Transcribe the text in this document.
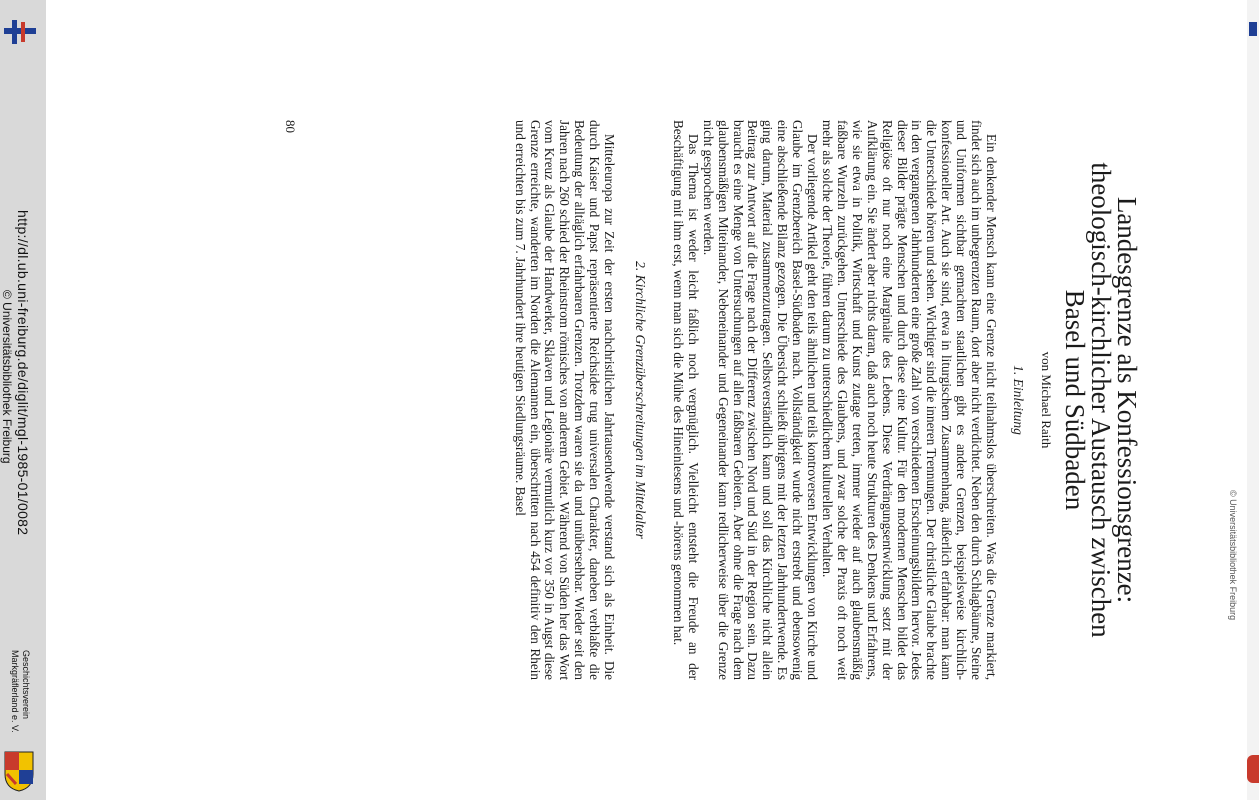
http://dl.ub.uni-freiburg.de/diglit/mgl-1985-01/0082
© Universitätsbibliothek Freiburg
Geschichtsverein
Markgräflerland e. V.
© Universitätsbibliothek Freiburg
Landesgrenze als Konfessionsgrenze:
theologisch-kirchlicher Austausch zwischen
Basel und Südbaden
von Michael Raith
1. Einleitung

Ein denkender Mensch kann eine Grenze nicht teilnahmslos überschreiten. Was die Grenze markiert, findet sich auch im unbegrenzten Raum, dort aber nicht verdichtet. Neben den durch Schlagbäume, Steine und Uniformen sichtbar gemachten staatlichen gibt es andere Grenzen, beispielsweise kirchlich-konfessioneller Art. Auch sie sind, etwa in liturgischem Zusammenhang, äußerlich erfahrbar: man kann die Unterschiede hören und sehen. Wichtiger sind die inneren Trennungen. Der christliche Glaube brachte in den vergangenen Jahrhunderten eine große Zahl von verschiedenen Erscheinungsbildern hervor. Jedes dieser Bilder prägte Menschen und durch diese eine Kultur. Für den modernen Menschen bildet das Religiöse oft nur noch eine Marginalie des Lebens. Diese Verdrängungsentwicklung setzt mit der Aufklärung ein. Sie ändert aber nichts daran, daß auch noch heute Strukturen des Denkens und Erfahrens, wie sie etwa in Politik, Wirtschaft und Kunst zutage treten, immer wieder auf auch glaubensmäßig faßbare Wurzeln zurückgehen. Unterschiede des Glaubens, und zwar solche der Praxis oft noch weit mehr als solche der Theorie, führen darum zu unterschiedlichem kulturellen Verhalten.

Der vorliegende Artikel geht den teils ähnlichen und teils kontroversen Entwicklungen von Kirche und Glaube im Grenzbereich Basel-Südbaden nach. Vollständigkeit wurde nicht erstrebt und ebensowenig eine abschließende Bilanz gezogen. Die Übersicht schließt übrigens mit der letzten Jahrhundertwende. Es ging darum, Material zusammenzutragen. Selbstverständlich kann und soll das Kirchliche nicht allein Beitrag zur Antwort auf die Frage nach der Differenz zwischen Nord und Süd in der Region sein. Dazu braucht es eine Menge von Untersuchungen auf allen faßbaren Gebieten. Aber ohne die Frage nach dem glaubensmäßigen Miteinander, Nebeneinander und Gegeneinander kann redlicherweise über die Grenze nicht gesprochen werden.

Das Thema ist weder leicht faßlich noch vergnüglich. Vielleicht entsteht die Freude an der Beschäftigung mit ihm erst, wenn man sich die Mühe des Hineinlesens und -hörens genommen hat.

2. Kirchliche Grenzüberschreitungen im Mittelalter

Mitteleuropa zur Zeit der ersten nachchristlichen Jahrtausendwende verstand sich als Einheit. Die durch Kaiser und Papst repräsentierte Reichsidee trug universalen Charakter, daneben verblaßte die Bedeutung der alltäglich erfahrbaren Grenzen. Trotzdem waren sie da und unübersehbar. Wieder seit den Jahren nach 260 schied der Rheinstrom römisches von anderem Gebiet. Während von Süden her das Wort vom Kreuz als Glaube der Handwerker, Sklaven und Legionäre vermutlich kurz vor 350 in Augst diese Grenze erreichte, wanderten im Norden die Alemannen ein, überschritten nach 454 definitiv den Rhein und erreichten bis zum 7. Jahrhundert ihre heutigen Siedlungsräume. Basel

80
